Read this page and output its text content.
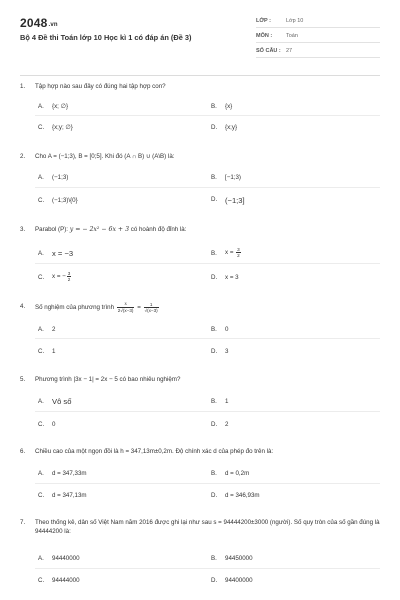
2048.vn
Bộ 4 Đề thi Toán lớp 10 Học kì 1 có đáp án (Đề 3)
LỚP :	Lớp 10
MÔN :	Toán
SỐ CÂU : 27
1. Tập hợp nào sau đây có đúng hai tập hợp con?
A. {x; ∅}	B. {x}
C. {x;y; ∅}	D. {x;y}
2. Cho A = (−1;3), B = [0;5]. Khi đó (A ∩ B) ∪ (A\B) là:
A. (−1;3)	B. [−1;3)
C. (−1;3)\{0}	D. (−1;3]
3. Parabol (P): y = − 2x² − 6x + 3 có hoành độ đỉnh là:
A. x = −3	B. $x = \frac{3}{2}$
C. x = − $\frac{3}{2}$	D. x = 3
4. Số nghiệm của phương trình $\frac{x}{2√(x-3)} = \frac{1}{√(x-3)}$
A. 2	B. 0
C. 1	D. 3
5. Phương trình |3x − 1| = 2x − 5 có bao nhiêu nghiệm?
A. Vô số	B. 1
C. 0	D. 2
6. Chiều cao của một ngọn đồi là h = 347,13m±0,2m. Độ chính xác d của phép đo trên là:
A. d = 347,33m	B. d = 0,2m
C. d = 347,13m	D. d = 346,93m
7. Theo thống kê, dân số Việt Nam năm 2016 được ghi lại như sau s = 94444200±3000 (người). Số quy tròn của số gần đúng là 94444200 là:
A. 94440000	B. 94450000
C. 94444000	D. 94400000
